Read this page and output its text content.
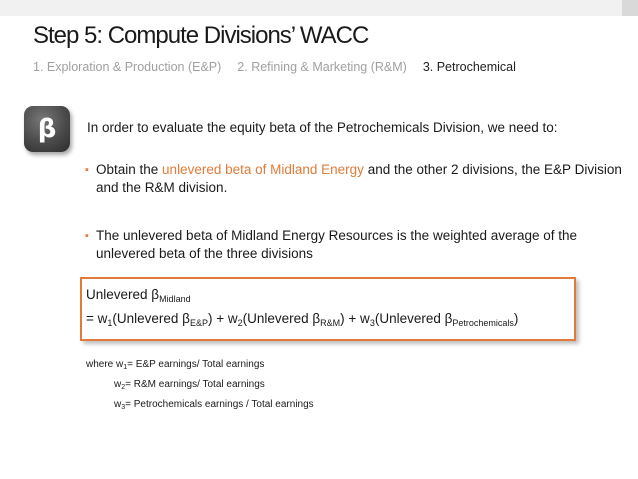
Step 5: Compute Divisions’ WACC
1. Exploration & Production (E&P) 2. Refining & Marketing (R&M) 3. Petrochemical
β In order to evaluate the equity beta of the Petrochemicals Division, we need to:
▪ Obtain the unlevered beta of Midland Energy and the other 2 divisions, the E&P Division and the R&M division.
▪ The unlevered beta of Midland Energy Resources is the weighted average of the unlevered beta of the three divisions
Unlevered $\beta_{Midland}$
= $w_1(Unlevered$ $\beta_{E\&P}$) + $w_2(Unlevered$ $\beta_{R\&M}$) + $w_3(Unlevered$ $\beta_{Petrochemicals}$)
where $w_1=$ E&P earnings/ Total earnings
$w_2=$ R&M earnings/ Total earnings
$w_3=$ Petrochemicals earnings / Total earnings
